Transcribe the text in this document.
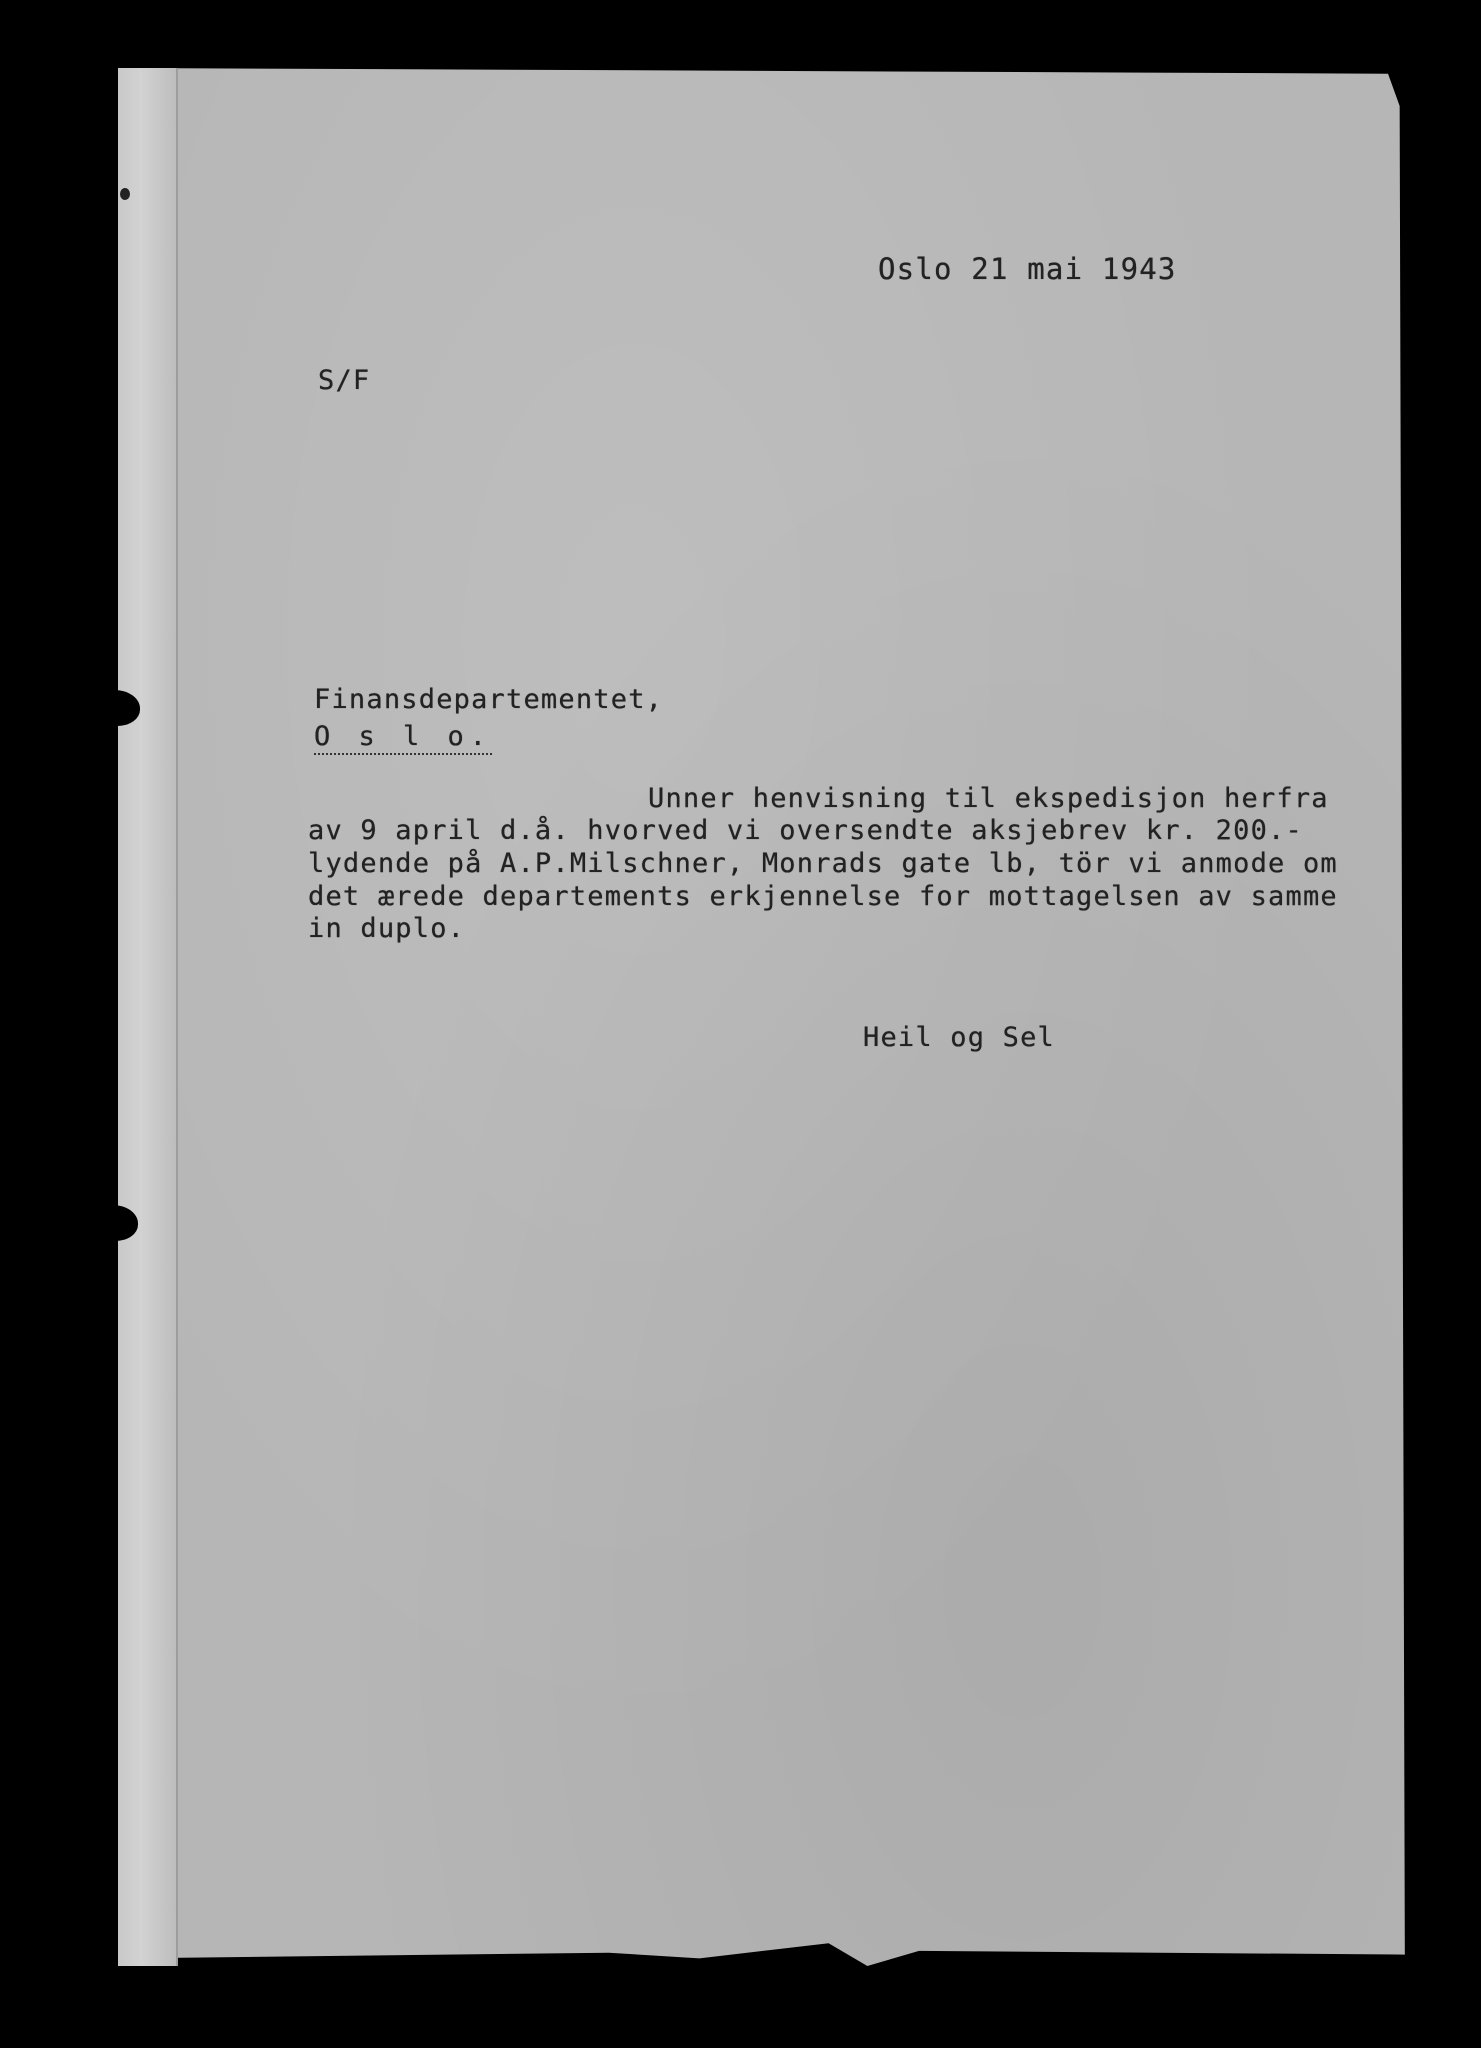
Oslo 21 mai 1943
S/F
Finansdepartementet,
O s l o.
Unner henvisning til ekspedisjon herfra
av 9 april d.å. hvorved vi oversendte aksjebrev kr. 200.-
lydende på A.P.Milschner, Monrads gate lb, tör vi anmode om
det ærede departements erkjennelse for mottagelsen av samme
in duplo.
Heil og Sel
